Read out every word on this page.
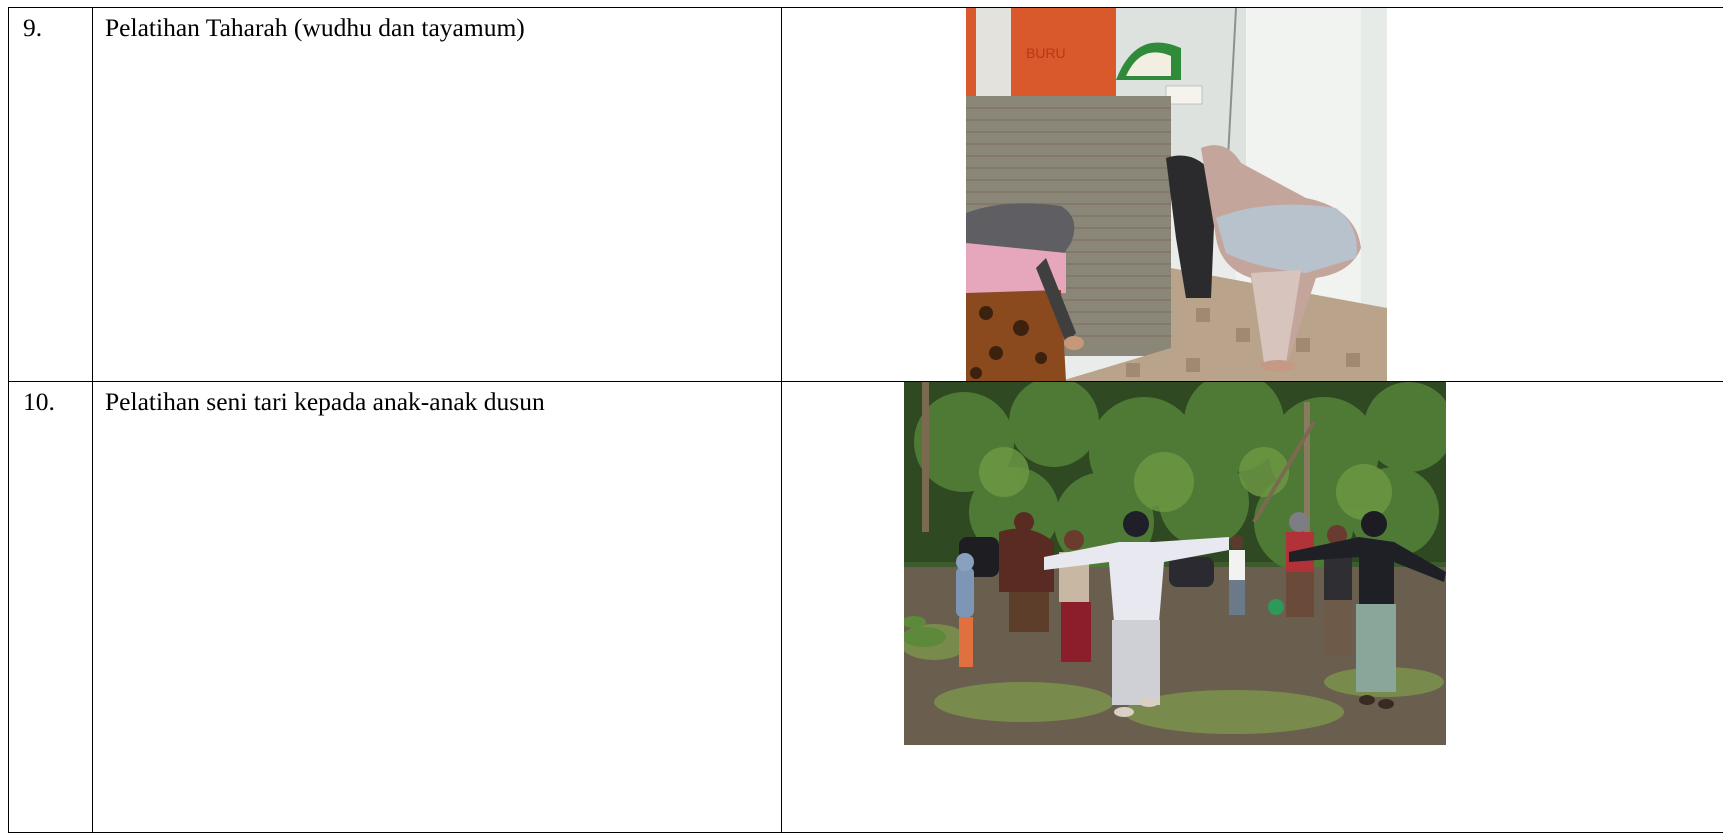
9.	Pelatihan Taharah (wudhu dan tayamum)	BURU

10.	Pelatihan seni tari kepada anak-anak dusun
